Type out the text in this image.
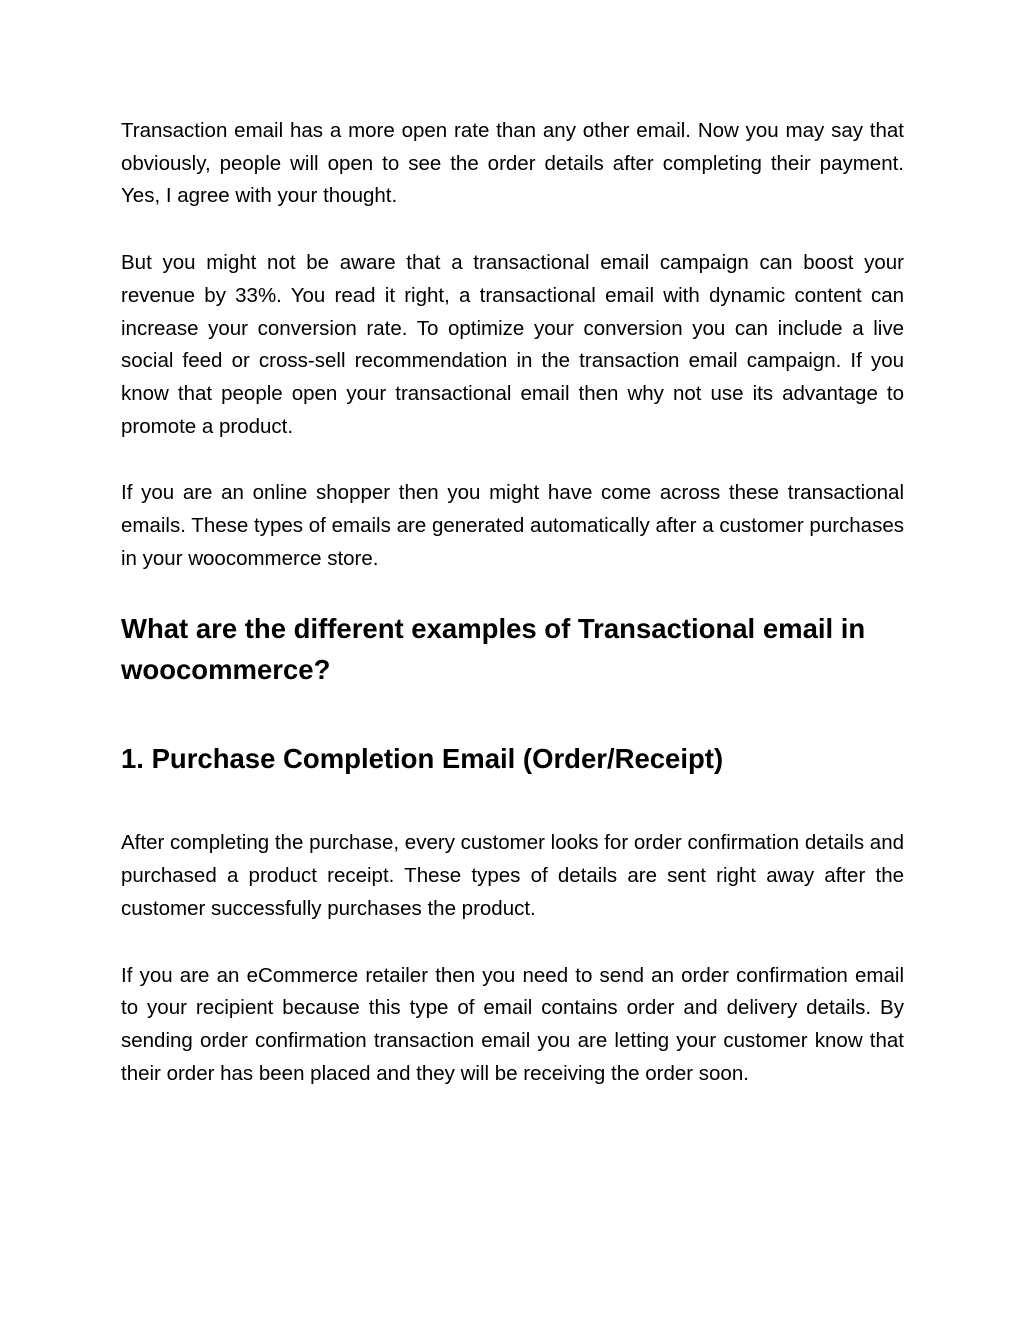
Transaction email has a more open rate than any other email. Now you may say that obviously, people will open to see the order details after completing their payment. Yes, I agree with your thought.

But you might not be aware that a transactional email campaign can boost your revenue by 33%. You read it right, a transactional email with dynamic content can increase your conversion rate. To optimize your conversion you can include a live social feed or cross-sell recommendation in the transaction email campaign. If you know that people open your transactional email then why not use its advantage to promote a product.

If you are an online shopper then you might have come across these transactional emails. These types of emails are generated automatically after a customer purchases in your woocommerce store.

What are the different examples of Transactional email in woocommerce?
1. Purchase Completion Email (Order/Receipt)

After completing the purchase, every customer looks for order confirmation details and purchased a product receipt. These types of details are sent right away after the customer successfully purchases the product.

If you are an eCommerce retailer then you need to send an order confirmation email to your recipient because this type of email contains order and delivery details. By sending order confirmation transaction email you are letting your customer know that their order has been placed and they will be receiving the order soon.
